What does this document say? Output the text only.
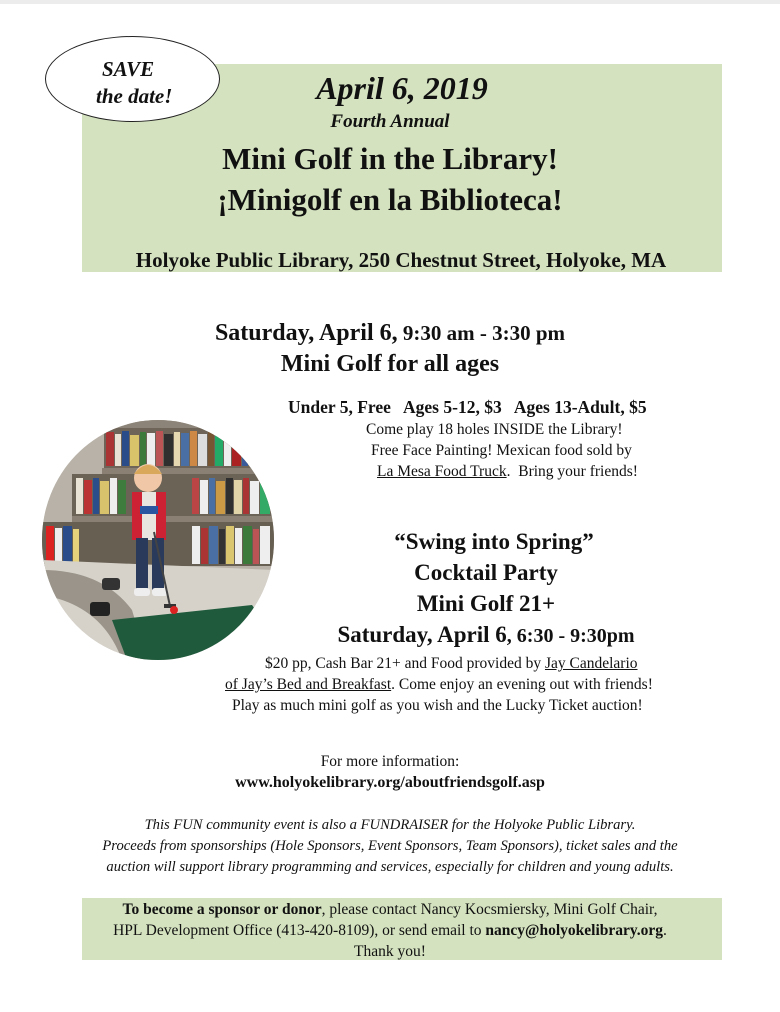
SAVE
the date!	April 6, 2019
Fourth Annual
Mini Golf in the Library!
¡Minigolf en la Biblioteca!
Holyoke Public Library, 250 Chestnut Street, Holyoke, MA
Saturday, April 6, 9:30 am - 3:30 pm
Mini Golf for all ages
Under 5, Free   Ages 5-12, $3   Ages 13-Adult, $5
Come play 18 holes INSIDE the Library!
Free Face Painting! Mexican food sold by
La Mesa Food Truck.  Bring your friends!
“Swing into Spring”
Cocktail Party
Mini Golf 21+
Saturday, April 6, 6:30 - 9:30pm
$20 pp, Cash Bar 21+ and Food provided by Jay Candelario
of Jay’s Bed and Breakfast. Come enjoy an evening out with friends!
Play as much mini golf as you wish and the Lucky Ticket auction!
For more information:
www.holyokelibrary.org/aboutfriendsgolf.asp
This FUN community event is also a FUNDRAISER for the Holyoke Public Library.
Proceeds from sponsorships (Hole Sponsors, Event Sponsors, Team Sponsors), ticket sales and the
auction will support library programming and services, especially for children and young adults.
To become a sponsor or donor, please contact Nancy Kocsmiersky, Mini Golf Chair,
HPL Development Office (413-420-8109), or send email to nancy@holyokelibrary.org.
Thank you!
